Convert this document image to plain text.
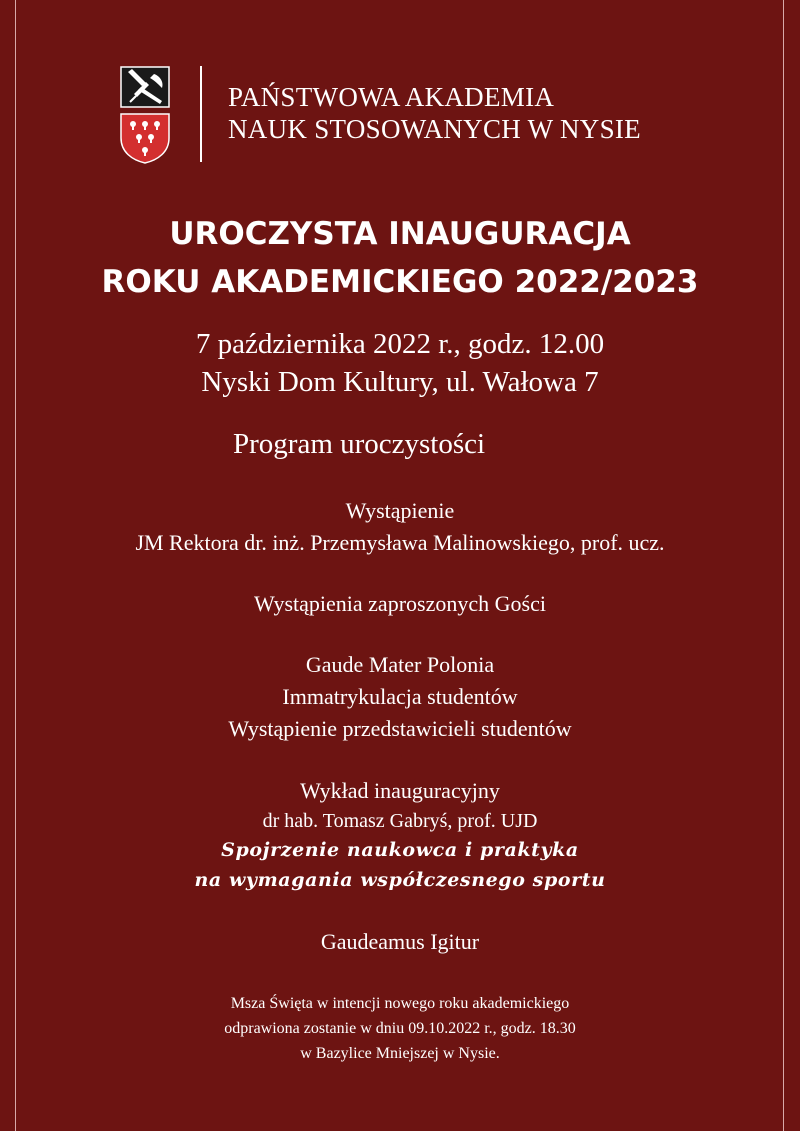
PAŃSTWOWA AKADEMIA
NAUK STOSOWANYCH W NYSIE
UROCZYSTA INAUGURACJA
ROKU AKADEMICKIEGO 2022/2023
7 października 2022 r., godz. 12.00
Nyski Dom Kultury, ul. Wałowa 7
Program uroczystości
Wystąpienie
JM Rektora dr. inż. Przemysława Malinowskiego, prof. ucz.
Wystąpienia zaproszonych Gości
Gaude Mater Polonia
Immatrykulacja studentów
Wystąpienie przedstawicieli studentów
Wykład inauguracyjny
dr hab. Tomasz Gabryś, prof. UJD
Spojrzenie naukowca i praktyka
na wymagania współczesnego sportu
Gaudeamus Igitur
Msza Święta w intencji nowego roku akademickiego
odprawiona zostanie w dniu 09.10.2022 r., godz. 18.30
w Bazylice Mniejszej w Nysie.
